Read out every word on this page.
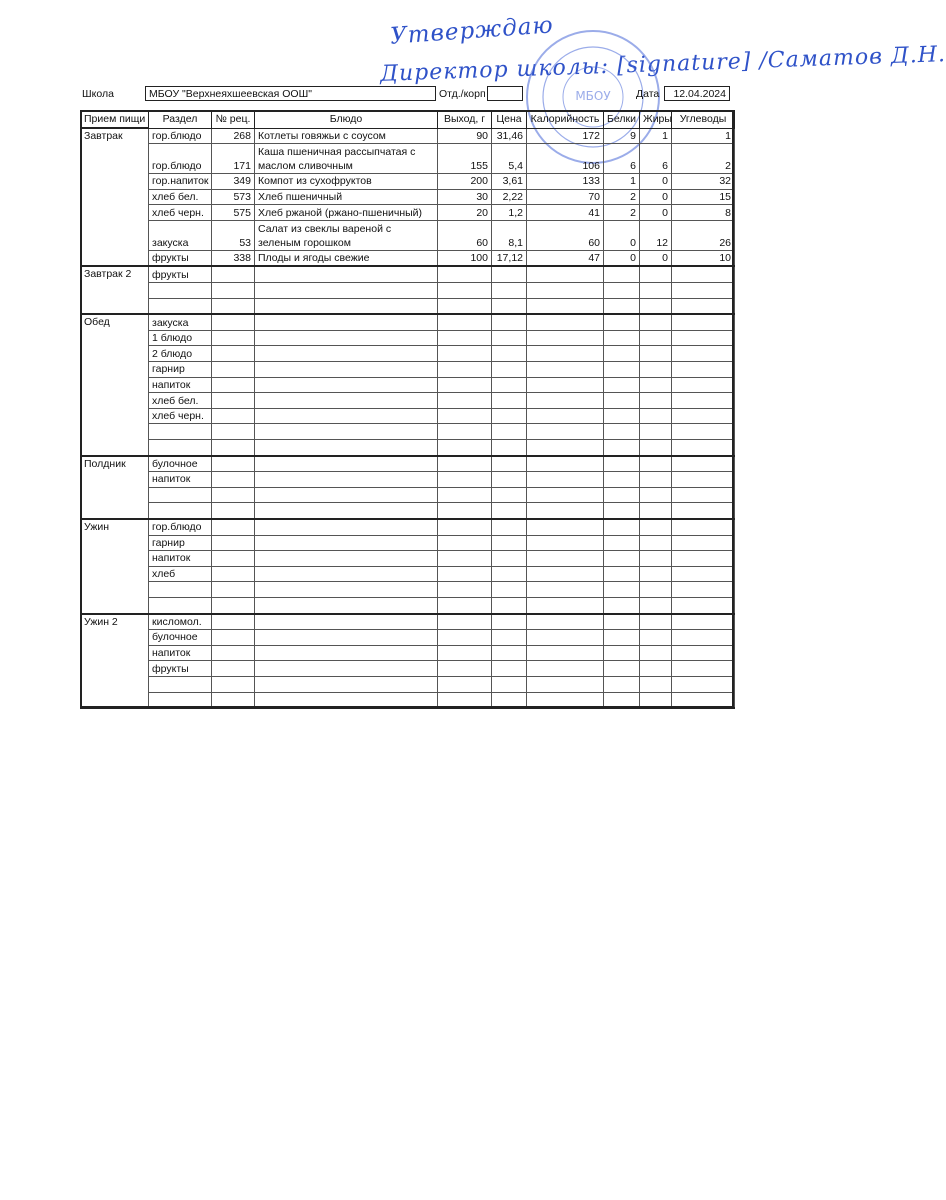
Утверждаю
Директор школы: [signature] /Саматов Д.Н.
МБОУ
Школа	МБОУ "Верхнеяхшеевская ООШ"	Отд./корп	Дата	12.04.2024
Прием пищи	Раздел	№ рец.	Блюдо	Выход, г	Цена	Калорийность	Белки	Жиры	Углеводы
Завтрак	гор.блюдо	268	Котлеты говяжьи с соусом	90	31,46	172	9	1	1
	гор.блюдо	171	Каша пшеничная рассыпчатая с маслом сливочным	155	5,4	106	6	6	2
	гор.напиток	349	Компот из сухофруктов	200	3,61	133	1	0	32
	хлеб бел.	573	Хлеб пшеничный	30	2,22	70	2	0	15
	хлеб черн.	575	Хлеб ржаной (ржано-пшеничный)	20	1,2	41	2	0	8
	закуска	53	Салат из свеклы вареной с зеленым горошком	60	8,1	60	0	12	26
	фрукты	338	Плоды и ягоды свежие	100	17,12	47	0	0	10
Завтрак 2	фрукты								

Обед	закуска								
	1 блюдо								
	2 блюдо								
	гарнир								
	напиток								
	хлеб бел.								
	хлеб черн.								

Полдник	булочное								
	напиток								

Ужин	гор.блюдо								
	гарнир								
	напиток								
	хлеб								

Ужин 2	кисломол.								
	булочное								
	напиток								
	фрукты								
